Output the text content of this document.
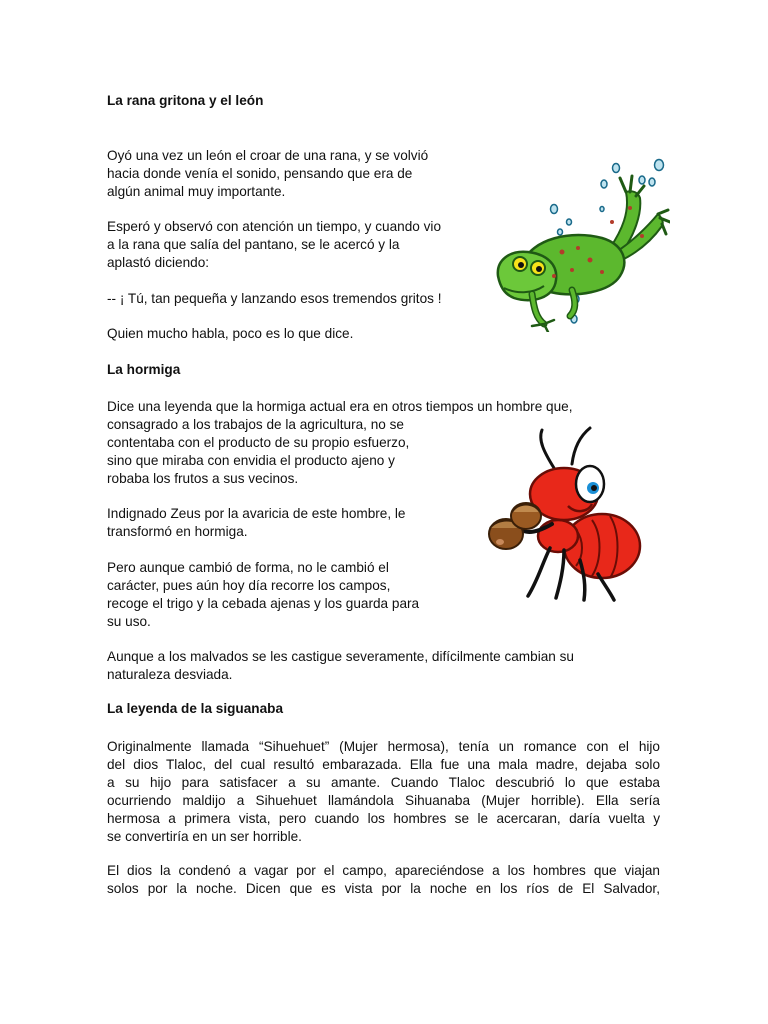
La rana gritona y el león
Oyó una vez un león el croar de una rana, y se volvió
hacia donde venía el sonido, pensando que era de
algún animal muy importante.
Esperó y observó con atención un tiempo, y cuando vio
a la rana que salía del pantano, se le acercó y la
aplastó diciendo:
-- ¡ Tú, tan pequeña y lanzando esos tremendos gritos !
Quien mucho habla, poco es lo que dice.
La hormiga
Dice una leyenda que la hormiga actual era en otros tiempos un hombre que,
consagrado a los trabajos de la agricultura, no se
contentaba con el producto de su propio esfuerzo,
sino que miraba con envidia el producto ajeno y
robaba los frutos a sus vecinos.
Indignado Zeus por la avaricia de este hombre, le
transformó en hormiga.
Pero aunque cambió de forma, no le cambió el
carácter, pues aún hoy día recorre los campos,
recoge el trigo y la cebada ajenas y los guarda para
su uso.
Aunque a los malvados se les castigue severamente, difícilmente cambian su
naturaleza desviada.
La leyenda de la siguanaba
Originalmente llamada “Sihuehuet” (Mujer hermosa), tenía un romance con el hijo
del dios Tlaloc, del cual resultó embarazada. Ella fue una mala madre, dejaba solo
a su hijo para satisfacer a su amante. Cuando Tlaloc descubrió lo que estaba
ocurriendo maldijo a Sihuehuet llamándola Sihuanaba (Mujer horrible). Ella sería
hermosa a primera vista, pero cuando los hombres se le acercaran, daría vuelta y
se convertiría en un ser horrible.
El dios la condenó a vagar por el campo, apareciéndose a los hombres que viajan
solos por la noche. Dicen que es vista por la noche en los ríos de El Salvador,
